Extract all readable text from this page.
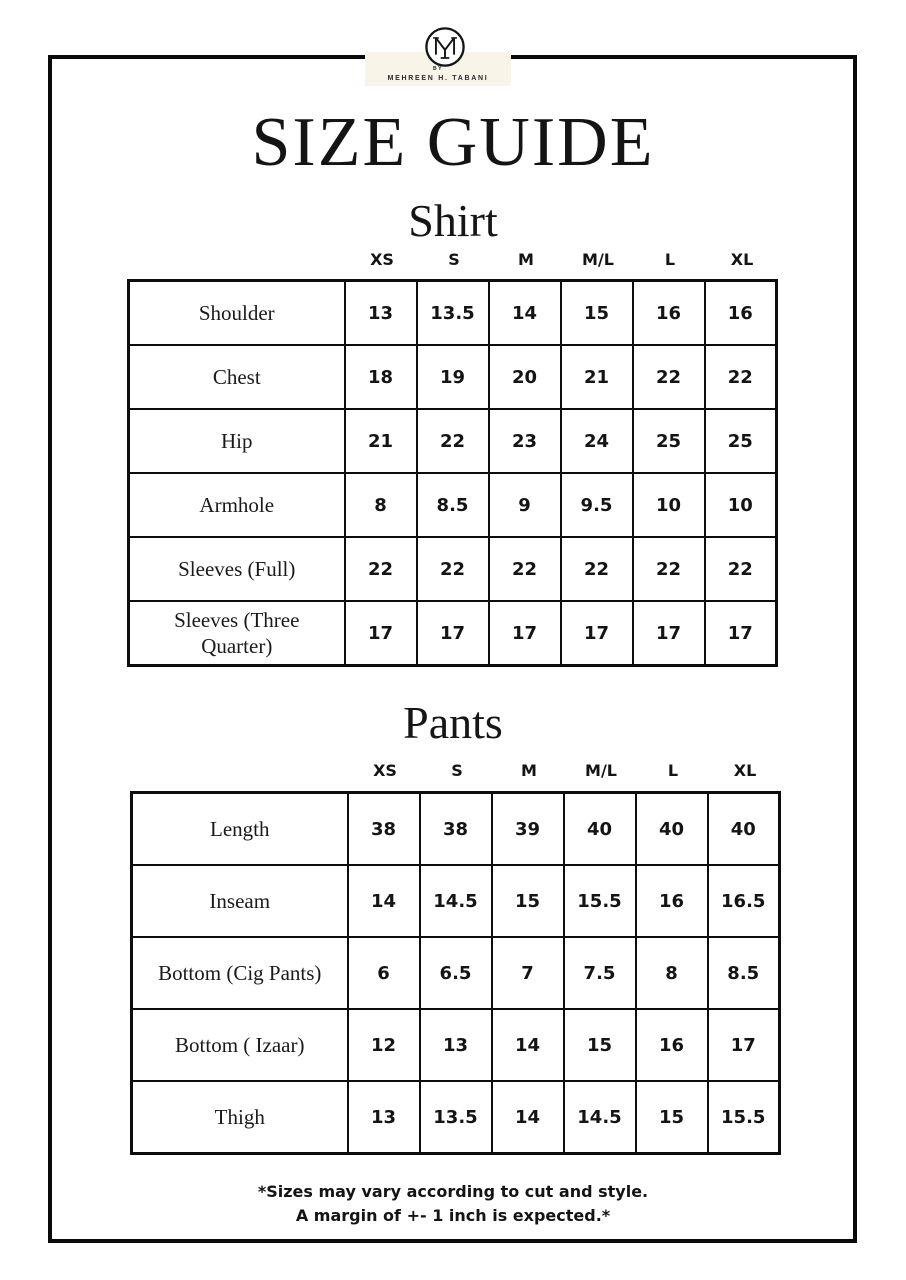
BY
MEHREEN H. TABANI
SIZE GUIDE
Shirt
XS	S	M	M/L	L	XL
Shoulder	13	13.5	14	15	16	16
Chest	18	19	20	21	22	22
Hip	21	22	23	24	25	25
Armhole	8	8.5	9	9.5	10	10
Sleeves (Full)	22	22	22	22	22	22
Sleeves (Three Quarter)	17	17	17	17	17	17
Pants
XS	S	M	M/L	L	XL
Length	38	38	39	40	40	40
Inseam	14	14.5	15	15.5	16	16.5
Bottom (Cig Pants)	6	6.5	7	7.5	8	8.5
Bottom ( Izaar)	12	13	14	15	16	17
Thigh	13	13.5	14	14.5	15	15.5
*Sizes may vary according to cut and style.
A margin of +- 1 inch is expected.*
